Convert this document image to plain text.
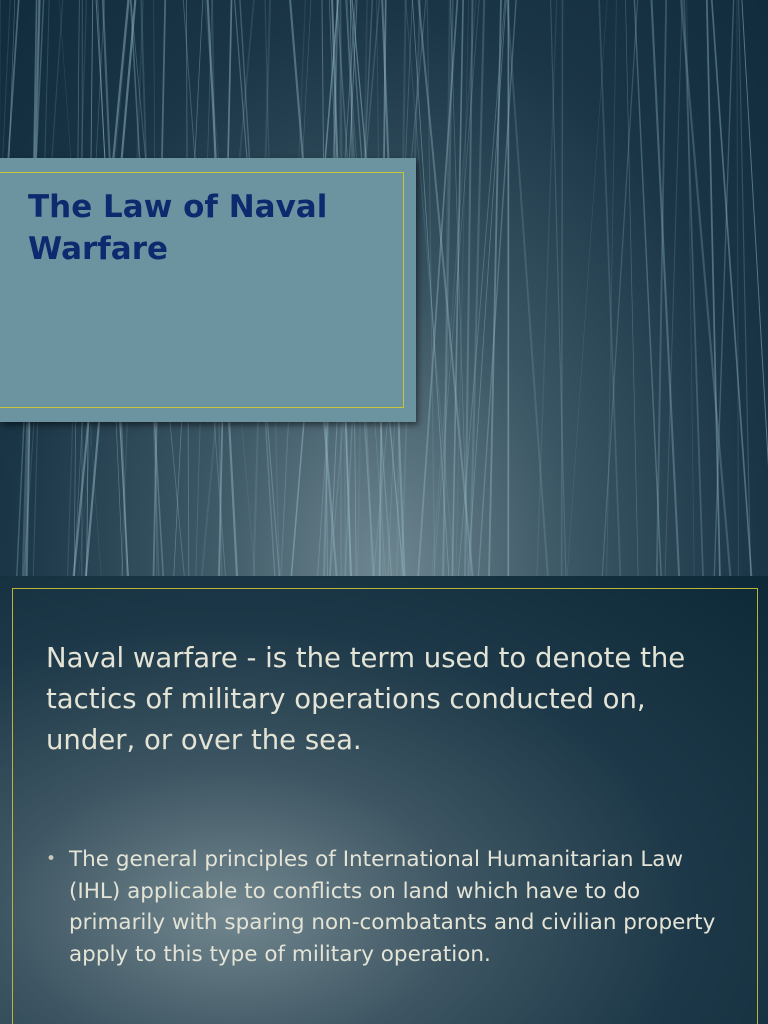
The Law of Naval Warfare

Naval warfare - is the term used to denote the tactics of military operations conducted on, under, or over the sea.

• The general principles of International Humanitarian Law (IHL) applicable to conflicts on land which have to do primarily with sparing non-combatants and civilian property apply to this type of military operation.
